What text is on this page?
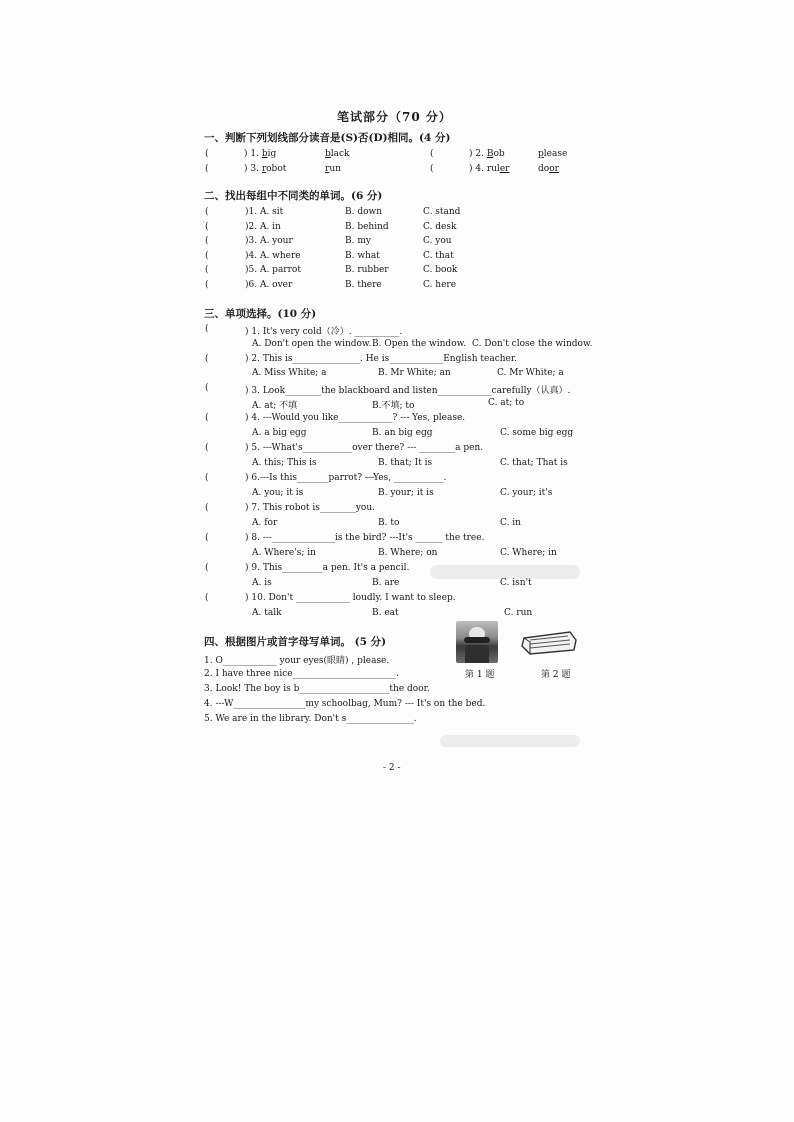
笔试部分（70 分）
一、判断下列划线部分读音是(S)否(D)相同。(4 分)
(	) 1. big	black	(	) 2. Bob	please
(	) 3. robot	run	(	) 4. ruler	door
二、找出每组中不同类的单词。(6 分)
(	)1. A. sit	B. down	C. stand
(	)2. A. in	B. behind	C. desk
(	)3. A. your	B. my	C. you
(	)4. A. where	B. what	C. that
(	)5. A. parrot	B. rubber	C. book
(	)6. A. over	B. there	C. here
三、单项选择。(10 分)
(	) 1. It's very cold（冷）. __________.
A. Don't open the window. B. Open the window. C. Don't close the window.
(	) 2. This is_______________. He is____________English teacher.
A. Miss White; a	B. Mr White; an	C. Mr White; a
(	) 3. Look________the blackboard and listen____________carefully（认真）.
A. at; 不填	B.不填; to	C. at; to
(	) 4. ---Would you like____________? --- Yes, please.
A. a big egg	B. an big egg	C. some big egg
(	) 5. ---What's___________over there? --- ________a pen.
A. this; This is	B. that; It is	C. that; That is
(	) 6.---Is this_______parrot? ---Yes, ___________.
A. you; it is	B. your; it is	C. your; it's
(	) 7. This robot is________you.
A. for	B. to	C. in
(	) 8. ---______________is the bird? ---It's ______ the tree.
A. Where's; in	B. Where; on	C. Where; in
(	) 9. This_________a pen. It's a pencil.
A. is	B. are	C. isn't
(	) 10. Don't ____________ loudly. I want to sleep.
A. talk	B. eat	C. run
四、根据图片或首字母写单词。 (5 分)
第 1 题	第 2 题
1. O____________ your eyes(眼睛) , please.
2. I have three nice_______________________.
3. Look! The boy is b____________________the door.
4. ---W________________my schoolbag, Mum? --- It's on the bed.
5. We are in the library. Don't s_______________.
- 2 -
